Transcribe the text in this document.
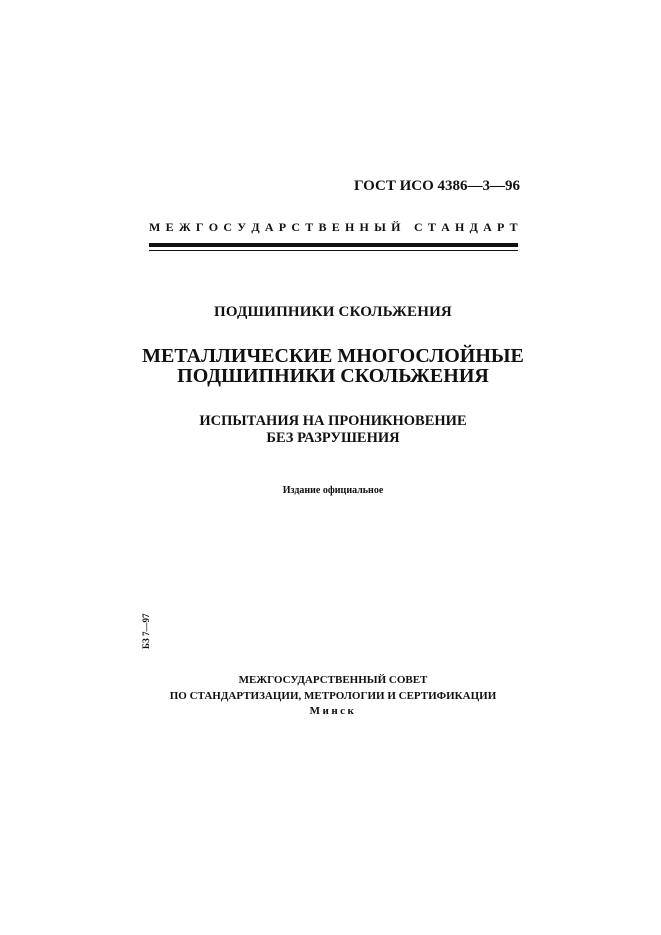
ГОСТ ИСО 4386—3—96
М Е Ж Г О С У Д А Р С Т В Е Н Н Ы Й
С Т А Н Д А Р Т
ПОДШИПНИКИ СКОЛЬЖЕНИЯ
МЕТАЛЛИЧЕСКИЕ МНОГОСЛОЙНЫЕ
ПОДШИПНИКИ СКОЛЬЖЕНИЯ
ИСПЫТАНИЯ НА ПРОНИКНОВЕНИЕ
БЕЗ РАЗРУШЕНИЯ
Издание официальное
БЗ 7—97
МЕЖГОСУДАРСТВЕННЫЙ СОВЕТ
ПО СТАНДАРТИЗАЦИИ, МЕТРОЛОГИИ И СЕРТИФИКАЦИИ
Минск
